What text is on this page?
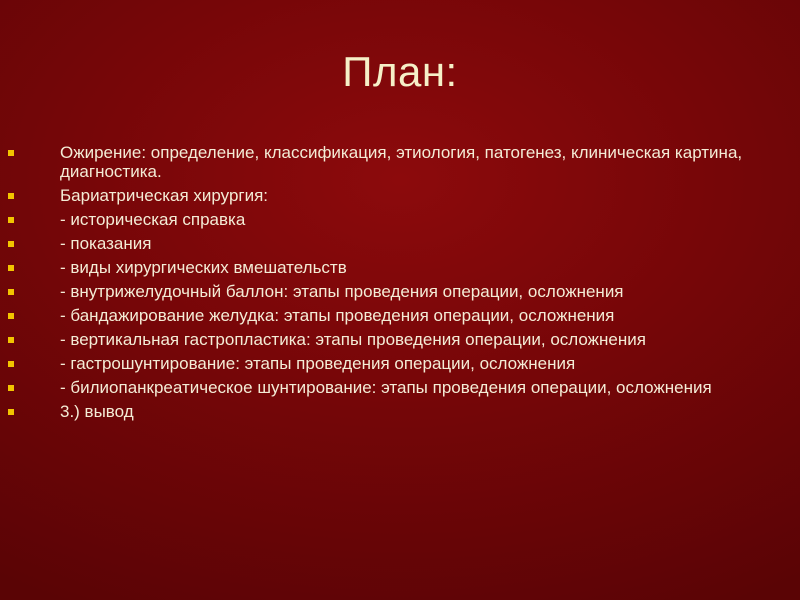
План:
Ожирение: определение, классификация, этиология, патогенез, клиническая картина, диагностика.
Бариатрическая хирургия:
- историческая справка
- показания
- виды хирургических вмешательств
- внутрижелудочный баллон: этапы проведения операции, осложнения
- бандажирование желудка: этапы проведения операции, осложнения
- вертикальная гастропластика: этапы проведения операции, осложнения
- гастрошунтирование: этапы проведения операции, осложнения
- билиопанкреатическое шунтирование: этапы проведения операции, осложнения
3.) вывод
